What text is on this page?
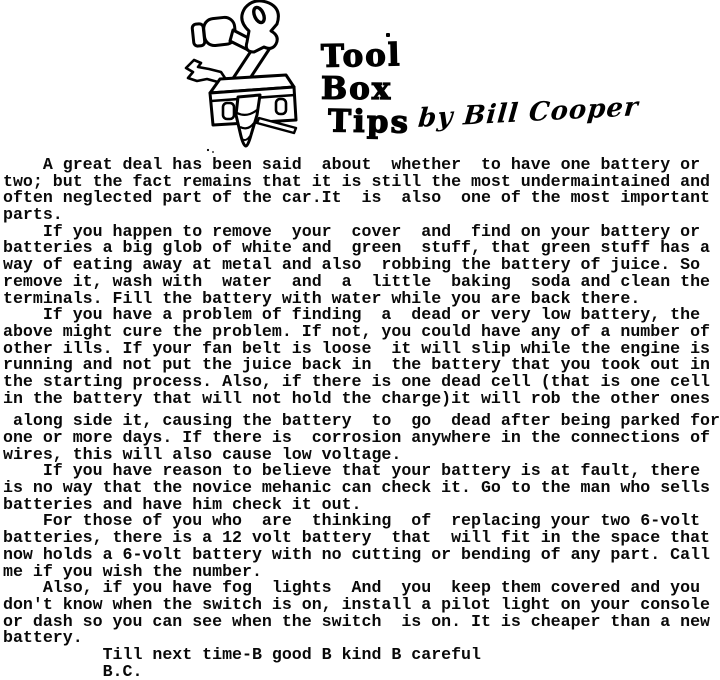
Tool
Box
Tips by Bill Cooper
A great deal has been said  about  whether  to have one battery or
two; but the fact remains that it is still the most undermaintained and
often neglected part of the car.It  is  also  one of the most important
parts.
If you happen to remove  your  cover  and  find on your battery or
batteries a big glob of white and  green  stuff, that green stuff has a
way of eating away at metal and also  robbing the battery of juice. So
remove it, wash with  water  and  a  little  baking  soda and clean the
terminals. Fill the battery with water while you are back there.
If you have a problem of finding  a  dead or very low battery, the
above might cure the problem. If not, you could have any of a number of
other ills. If your fan belt is loose  it will slip while the engine is
running and not put the juice back in  the battery that you took out in
the starting process. Also, if there is one dead cell (that is one cell
in the battery that will not hold the charge)it will rob the other ones
along side it, causing the battery  to  go  dead after being parked for
one or more days. If there is  corrosion anywhere in the connections of
wires, this will also cause low voltage.
If you have reason to believe that your battery is at fault, there
is no way that the novice mehanic can check it. Go to the man who sells
batteries and have him check it out.
For those of you who  are  thinking  of  replacing your two 6-volt
batteries, there is a 12 volt battery  that  will fit in the space that
now holds a 6-volt battery with no cutting or bending of any part. Call
me if you wish the number.
Also, if you have fog  lights  And  you  keep them covered and you
don't know when the switch is on, install a pilot light on your console
or dash so you can see when the switch  is on. It is cheaper than a new
battery.
Till next time-B good B kind B careful
B.C.
